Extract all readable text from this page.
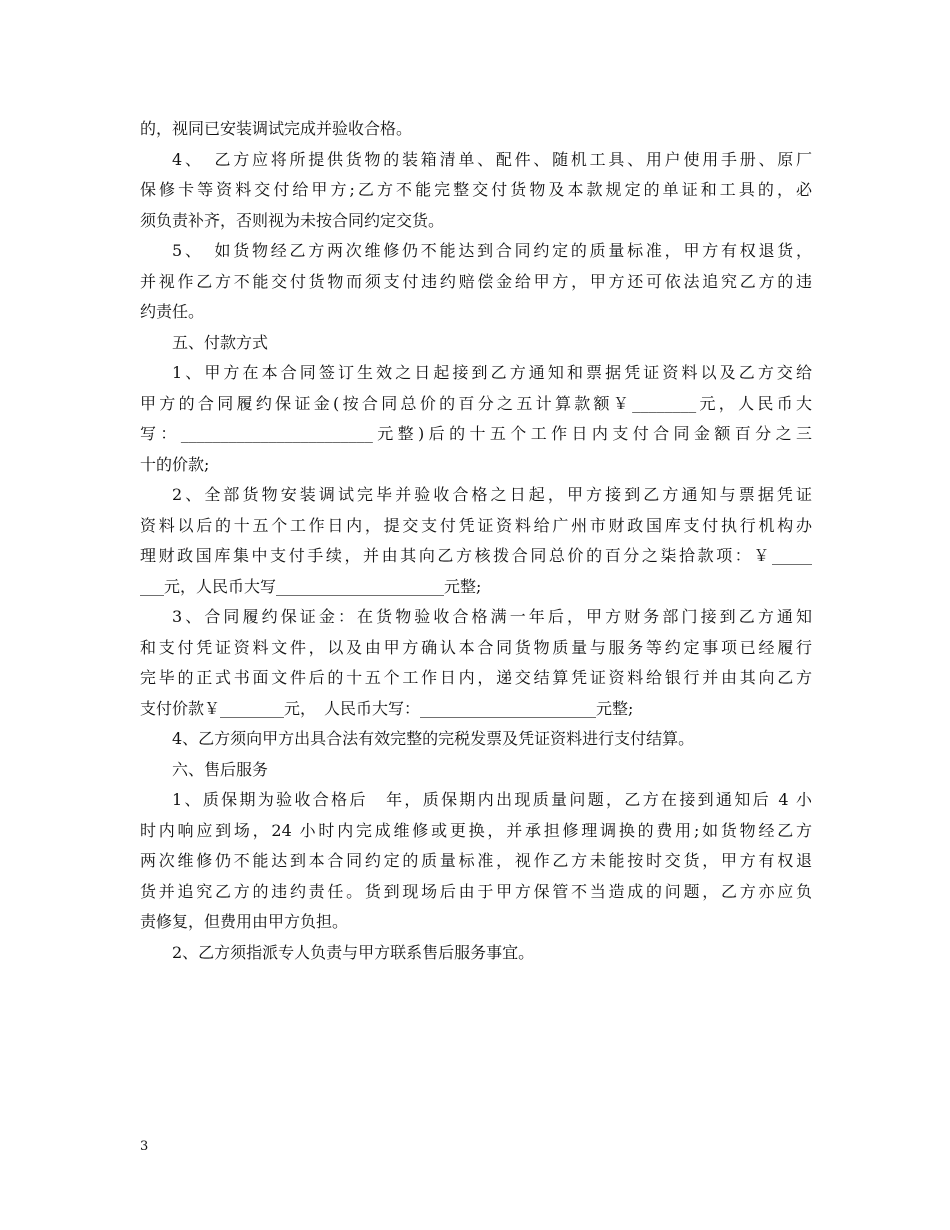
的，视同已安装调试完成并验收合格。
4、　乙方应将所提供货物的装箱清单、配件、随机工具、用户使用手册、原厂
保修卡等资料交付给甲方;乙方不能完整交付货物及本款规定的单证和工具的，必
须负责补齐，否则视为未按合同约定交货。
5、　如货物经乙方两次维修仍不能达到合同约定的质量标准，甲方有权退货，
并视作乙方不能交付货物而须支付违约赔偿金给甲方，甲方还可依法追究乙方的违
约责任。
五、付款方式
1、甲方在本合同签订生效之日起接到乙方通知和票据凭证资料以及乙方交给
甲方的合同履约保证金(按合同总价的百分之五计算款额￥________元，人民币大
写：________________________元整)后的十五个工作日内支付合同金额百分之三
十的价款;
2、全部货物安装调试完毕并验收合格之日起，甲方接到乙方通知与票据凭证
资料以后的十五个工作日内，提交支付凭证资料给广州市财政国库支付执行机构办
理财政国库集中支付手续，并由其向乙方核拨合同总价的百分之柒拾款项：￥_____
___元，人民币大写_____________________元整;
3、合同履约保证金：在货物验收合格满一年后，甲方财务部门接到乙方通知
和支付凭证资料文件，以及由甲方确认本合同货物质量与服务等约定事项已经履行
完毕的正式书面文件后的十五个工作日内，递交结算凭证资料给银行并由其向乙方
支付价款￥________元，　人民币大写：______________________元整;
4、乙方须向甲方出具合法有效完整的完税发票及凭证资料进行支付结算。
六、售后服务
1、质保期为验收合格后　年，质保期内出现质量问题，乙方在接到通知后 4 小
时内响应到场，24 小时内完成维修或更换，并承担修理调换的费用;如货物经乙方
两次维修仍不能达到本合同约定的质量标准，视作乙方未能按时交货，甲方有权退
货并追究乙方的违约责任。货到现场后由于甲方保管不当造成的问题，乙方亦应负
责修复，但费用由甲方负担。
2、乙方须指派专人负责与甲方联系售后服务事宜。
3
